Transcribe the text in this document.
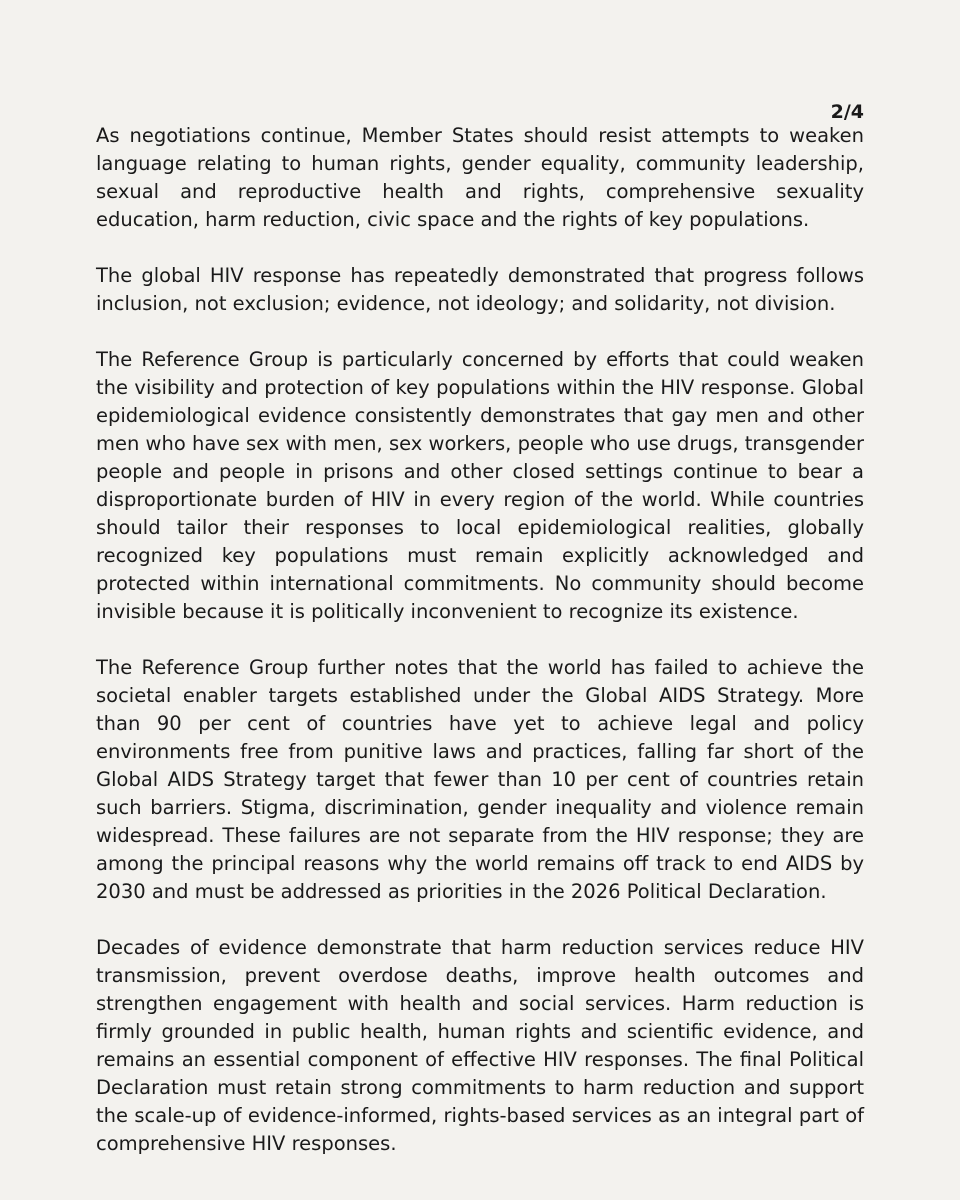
2/4

As negotiations continue, Member States should resist attempts to weaken language relating to human rights, gender equality, community leadership, sexual and reproductive health and rights, comprehensive sexuality education, harm reduction, civic space and the rights of key populations.

The global HIV response has repeatedly demonstrated that progress follows inclusion, not exclusion; evidence, not ideology; and solidarity, not division.

The Reference Group is particularly concerned by efforts that could weaken the visibility and protection of key populations within the HIV response. Global epidemiological evidence consistently demonstrates that gay men and other men who have sex with men, sex workers, people who use drugs, transgender people and people in prisons and other closed settings continue to bear a disproportionate burden of HIV in every region of the world. While countries should tailor their responses to local epidemiological realities, globally recognized key populations must remain explicitly acknowledged and protected within international commitments. No community should become invisible because it is politically inconvenient to recognize its existence.

The Reference Group further notes that the world has failed to achieve the societal enabler targets established under the Global AIDS Strategy. More than 90 per cent of countries have yet to achieve legal and policy environments free from punitive laws and practices, falling far short of the Global AIDS Strategy target that fewer than 10 per cent of countries retain such barriers. Stigma, discrimination, gender inequality and violence remain widespread. These failures are not separate from the HIV response; they are among the principal reasons why the world remains off track to end AIDS by 2030 and must be addressed as priorities in the 2026 Political Declaration.

Decades of evidence demonstrate that harm reduction services reduce HIV transmission, prevent overdose deaths, improve health outcomes and strengthen engagement with health and social services. Harm reduction is firmly grounded in public health, human rights and scientific evidence, and remains an essential component of effective HIV responses. The final Political Declaration must retain strong commitments to harm reduction and support the scale-up of evidence-informed, rights-based services as an integral part of comprehensive HIV responses.
